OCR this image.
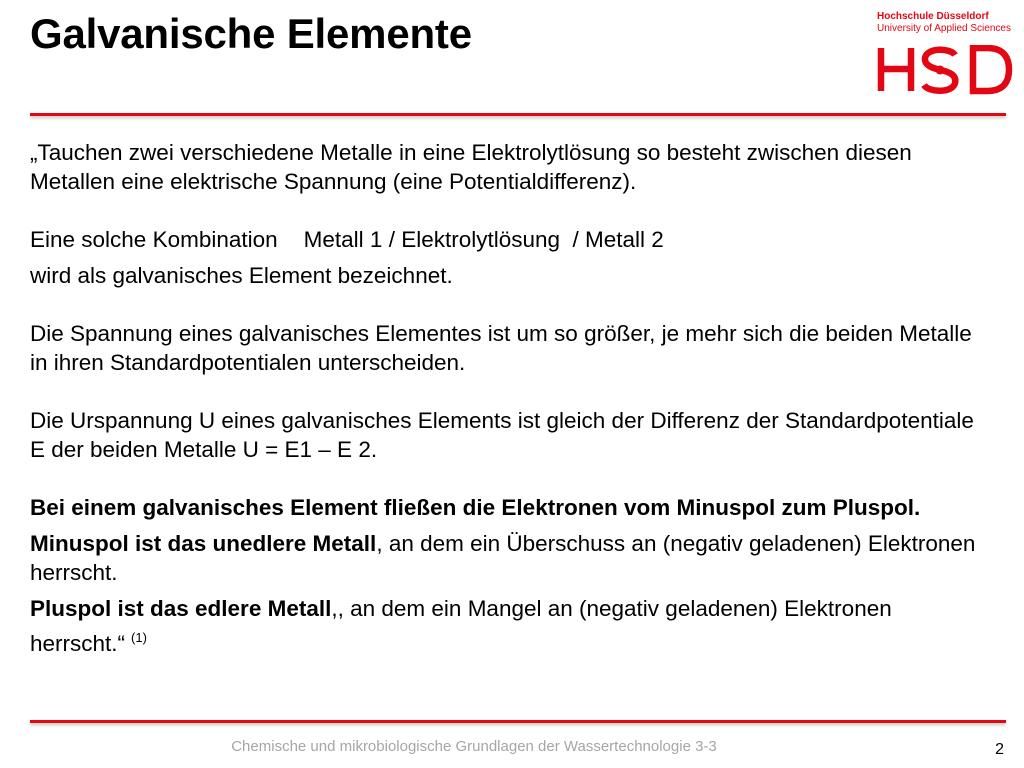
Galvanische Elemente	Hochschule Düsseldorf
University of Applied Sciences

„Tauchen zwei verschiedene Metalle in eine Elektrolytlösung so besteht zwischen diesen Metallen eine elektrische Spannung (eine Potentialdifferenz).

Eine solche Kombination Metall 1 / Elektrolytlösung  / Metall 2

wird als galvanisches Element bezeichnet.

Die Spannung eines galvanisches Elementes ist um so größer, je mehr sich die beiden Metalle in ihren Standardpotentialen unterscheiden.

Die Urspannung U eines galvanisches Elements ist gleich der Differenz der Standardpotentiale E der beiden Metalle U = E1 – E 2.

Bei einem galvanisches Element fließen die Elektronen vom Minuspol zum Pluspol.

Minuspol ist das unedlere Metall, an dem ein Überschuss an (negativ geladenen) Elektronen herrscht.

Pluspol ist das edlere Metall,, an dem ein Mangel an (negativ geladenen) Elektronen herrscht.“ $^{(1)}$

Chemische und mikrobiologische Grundlagen der Wassertechnologie 3-3	2
